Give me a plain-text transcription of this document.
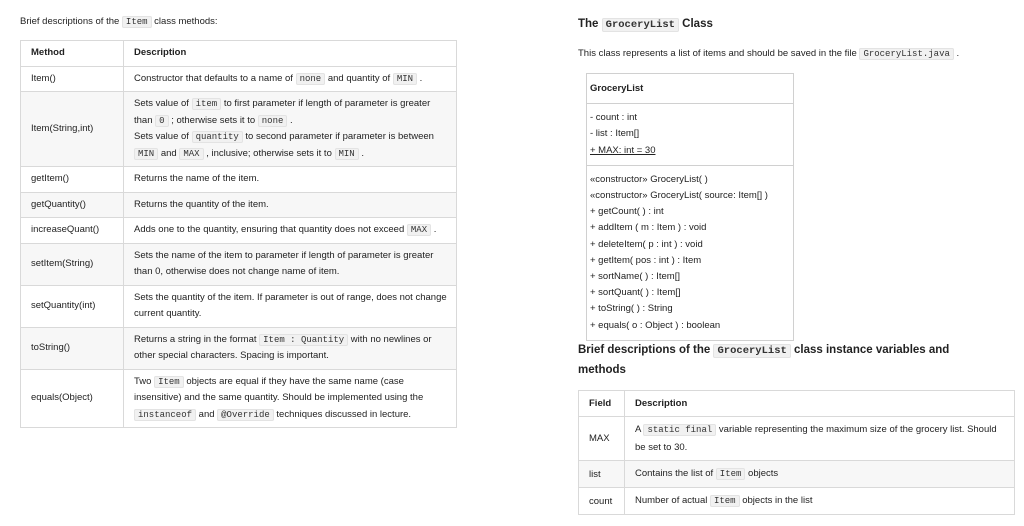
Brief descriptions of the Item class methods:
Method	Description
Item()	Constructor that defaults to a name of none and quantity of MIN .
Item(String,int)	Sets value of item to first parameter if length of parameter is greater than 0 ; otherwise sets it to none .
Sets value of quantity to second parameter if parameter is between MIN and MAX , inclusive; otherwise sets it to MIN .
getItem()	Returns the name of the item.
getQuantity()	Returns the quantity of the item.
increaseQuant()	Adds one to the quantity, ensuring that quantity does not exceed MAX .
setItem(String)	Sets the name of the item to parameter if length of parameter is greater than 0, otherwise does not change name of item.
setQuantity(int)	Sets the quantity of the item. If parameter is out of range, does not change current quantity.
toString()	Returns a string in the format Item : Quantity with no newlines or other special characters. Spacing is important.
equals(Object)	Two Item objects are equal if they have the same name (case insensitive) and the same quantity. Should be implemented using the instanceof and @Override techniques discussed in lecture.
The GroceryList Class
This class represents a list of items and should be saved in the file GroceryList.java .
GroceryList
- count : int
- list : Item[]
+ MAX: int = 30
«constructor» GroceryList( )
«constructor» GroceryList( source: Item[] )
+ getCount( ) : int
+ addItem ( m : Item ) : void
+ deleteItem( p : int ) : void
+ getItem( pos : int ) : Item
+ sortName( ) : Item[]
+ sortQuant( ) : Item[]
+ toString( ) : String
+ equals( o : Object ) : boolean
Brief descriptions of the GroceryList class instance variables and methods
Field	Description
MAX	A static final variable representing the maximum size of the grocery list. Should be set to 30.
list	Contains the list of Item objects
count	Number of actual Item objects in the list
